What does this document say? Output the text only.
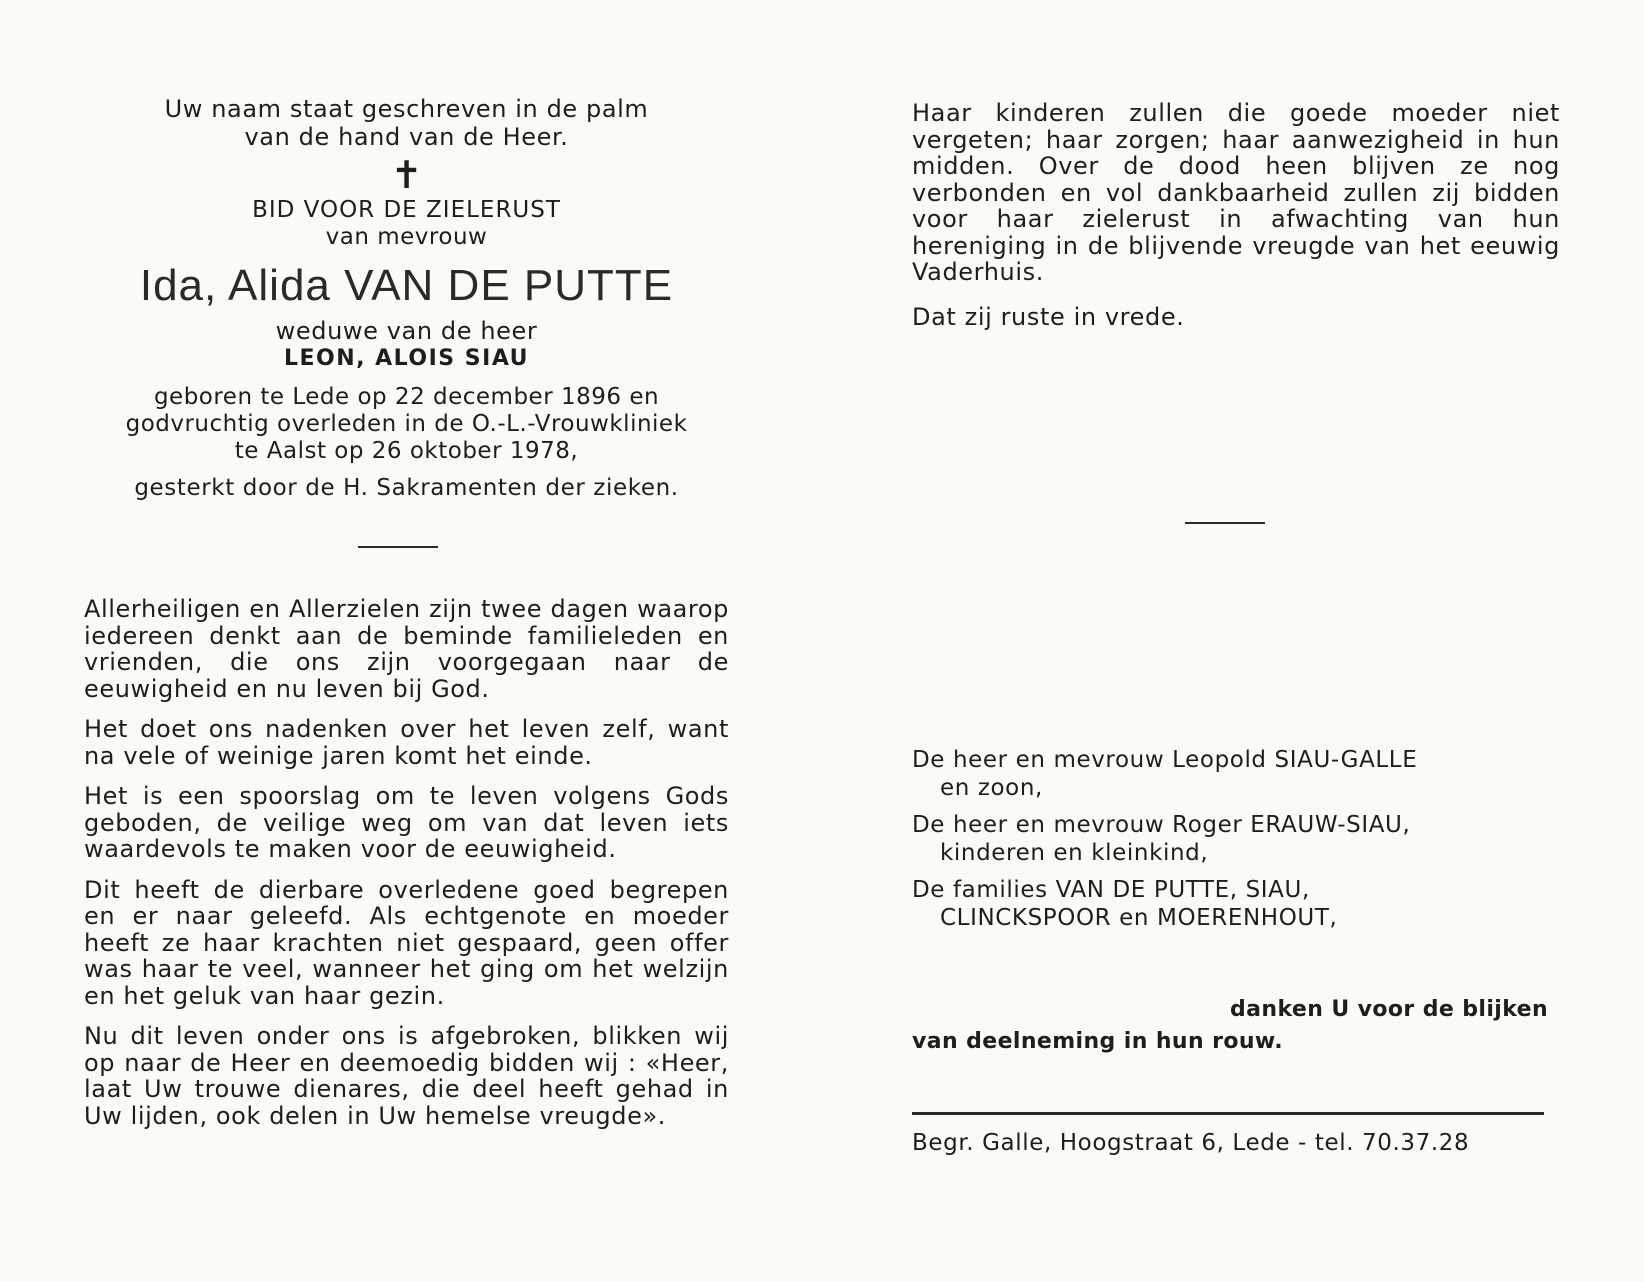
Uw naam staat geschreven in de palm
van de hand van de Heer.
✝
BID VOOR DE ZIELERUST
van mevrouw
Ida, Alida VAN DE PUTTE
weduwe van de heer
LEON, ALOIS SIAU
geboren te Lede op 22 december 1896 en
godvruchtig overleden in de O.-L.-Vrouwkliniek
te Aalst op 26 oktober 1978,
gesterkt door de H. Sakramenten der zieken.

Allerheiligen en Allerzielen zijn twee dagen waarop iedereen denkt aan de beminde familieleden en vrienden, die ons zijn voorgegaan naar de eeuwigheid en nu leven bij God.

Het doet ons nadenken over het leven zelf, want na vele of weinige jaren komt het einde.

Het is een spoorslag om te leven volgens Gods geboden, de veilige weg om van dat leven iets waardevols te maken voor de eeuwigheid.

Dit heeft de dierbare overledene goed begrepen en er naar geleefd. Als echtgenote en moeder heeft ze haar krachten niet gespaard, geen offer was haar te veel, wanneer het ging om het welzijn en het geluk van haar gezin.

Nu dit leven onder ons is afgebroken, blikken wij op naar de Heer en deemoedig bidden wij : «Heer, laat Uw trouwe dienares, die deel heeft gehad in Uw lijden, ook delen in Uw hemelse vreugde».

Haar kinderen zullen die goede moeder niet vergeten; haar zorgen; haar aanwezigheid in hun midden. Over de dood heen blijven ze nog verbonden en vol dankbaarheid zullen zij bidden voor haar zielerust in afwachting van hun hereniging in de blijvende vreugde van het eeuwig Vaderhuis.

Dat zij ruste in vrede.

De heer en mevrouw Leopold SIAU-GALLE
en zoon,
De heer en mevrouw Roger ERAUW-SIAU,
kinderen en kleinkind,
De families VAN DE PUTTE, SIAU,
CLINCKSPOOR en MOERENHOUT,
danken U voor de blijken
van deelneming in hun rouw.
Begr. Galle, Hoogstraat 6, Lede - tel. 70.37.28
